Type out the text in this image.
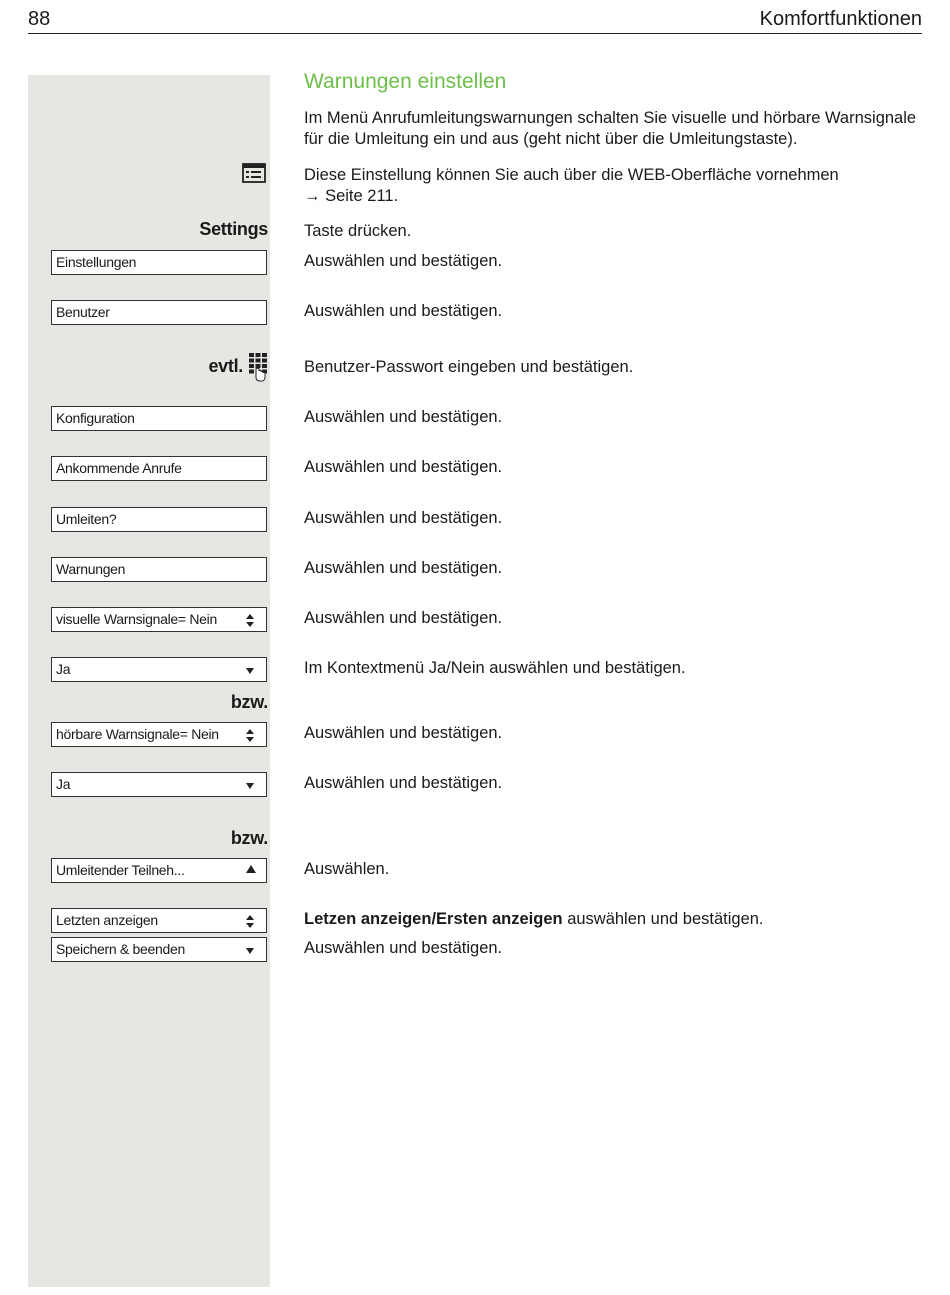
88	Komfortfunktionen
Settings
evtl.
bzw.
bzw.
Einstellungen
Benutzer
Konfiguration
Ankommende Anrufe
Umleiten?
Warnungen
visuelle Warnsignale= Nein
Ja
hörbare Warnsignale= Nein
Ja
Umleitender Teilneh...
Letzten anzeigen
Speichern & beenden
Warnungen einstellen
Im Menü Anrufumleitungswarnungen schalten Sie visuelle und hörbare Warnsignale für die Umleitung ein und aus (geht nicht über die Umleitungstaste).
Diese Einstellung können Sie auch über die WEB-Oberfläche vornehmen
→ Seite 211.
Taste drücken.
Auswählen und bestätigen.
Auswählen und bestätigen.
Benutzer-Passwort eingeben und bestätigen.
Auswählen und bestätigen.
Auswählen und bestätigen.
Auswählen und bestätigen.
Auswählen und bestätigen.
Auswählen und bestätigen.
Im Kontextmenü Ja/Nein auswählen und bestätigen.
Auswählen und bestätigen.
Auswählen und bestätigen.
Auswählen.
Letzen anzeigen/Ersten anzeigen auswählen und bestätigen.
Auswählen und bestätigen.
